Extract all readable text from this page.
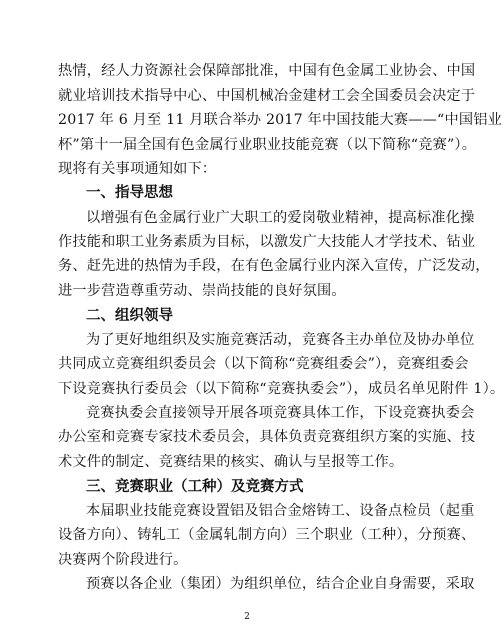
热情，经人力资源社会保障部批准，中国有色金属工业协会、中国
就业培训技术指导中心、中国机械冶金建材工会全国委员会决定于
2017 年 6 月至 11 月联合举办 2017 年中国技能大赛——“中国铝业
杯”第十一届全国有色金属行业职业技能竞赛（以下简称“竞赛”）。
现将有关事项通知如下：
一、指导思想
以增强有色金属行业广大职工的爱岗敬业精神，提高标准化操
作技能和职工业务素质为目标，以激发广大技能人才学技术、钻业
务、赶先进的热情为手段，在有色金属行业内深入宣传，广泛发动，
进一步营造尊重劳动、崇尚技能的良好氛围。
二、组织领导
为了更好地组织及实施竞赛活动，竞赛各主办单位及协办单位
共同成立竞赛组织委员会（以下简称“竞赛组委会”），竞赛组委会
下设竞赛执行委员会（以下简称“竞赛执委会”），成员名单见附件 1）。
竞赛执委会直接领导开展各项竞赛具体工作，下设竞赛执委会
办公室和竞赛专家技术委员会，具体负责竞赛组织方案的实施、技
术文件的制定、竞赛结果的核实、确认与呈报等工作。
三、竞赛职业（工种）及竞赛方式
本届职业技能竞赛设置铝及铝合金熔铸工、设备点检员（起重
设备方向）、铸轧工（金属轧制方向）三个职业（工种），分预赛、
决赛两个阶段进行。
预赛以各企业（集团）为组织单位，结合企业自身需要，采取
2
